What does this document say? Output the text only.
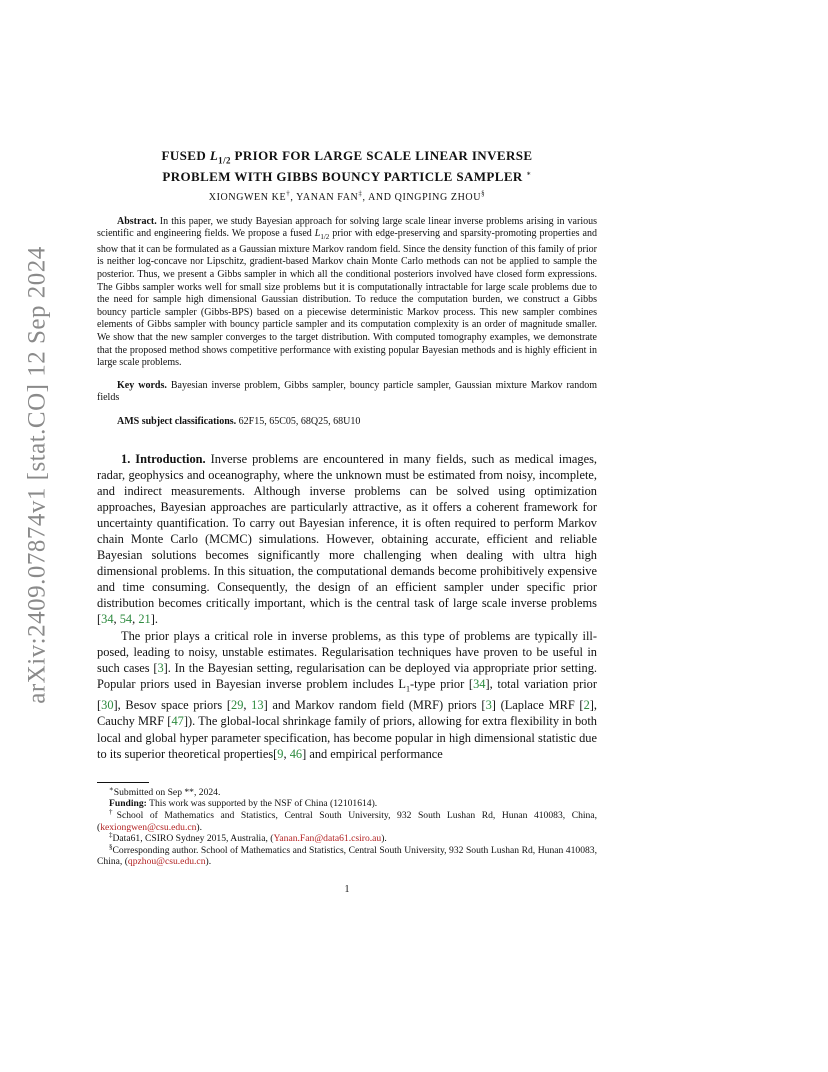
arXiv:2409.07874v1 [stat.CO] 12 Sep 2024
FUSED $L_{1/2}$ PRIOR FOR LARGE SCALE LINEAR INVERSE
PROBLEM WITH GIBBS BOUNCY PARTICLE SAMPLER ∗
XIONGWEN KE†, YANAN FAN‡, AND QINGPING ZHOU§
Abstract. In this paper, we study Bayesian approach for solving large scale linear inverse problems arising in various scientific and engineering fields. We propose a fused $L_{1/2}$ prior with edge-preserving and sparsity-promoting properties and show that it can be formulated as a Gaussian mixture Markov random field. Since the density function of this family of prior is neither log-concave nor Lipschitz, gradient-based Markov chain Monte Carlo methods can not be applied to sample the posterior. Thus, we present a Gibbs sampler in which all the conditional posteriors involved have closed form expressions. The Gibbs sampler works well for small size problems but it is computationally intractable for large scale problems due to the need for sample high dimensional Gaussian distribution. To reduce the computation burden, we construct a Gibbs bouncy particle sampler (Gibbs-BPS) based on a piecewise deterministic Markov process. This new sampler combines elements of Gibbs sampler with bouncy particle sampler and its computation complexity is an order of magnitude smaller. We show that the new sampler converges to the target distribution. With computed tomography examples, we demonstrate that the proposed method shows competitive performance with existing popular Bayesian methods and is highly efficient in large scale problems.
Key words. Bayesian inverse problem, Gibbs sampler, bouncy particle sampler, Gaussian mixture Markov random fields
AMS subject classifications. 62F15, 65C05, 68Q25, 68U10

1. Introduction. Inverse problems are encountered in many fields, such as medical images, radar, geophysics and oceanography, where the unknown must be estimated from noisy, incomplete, and indirect measurements. Although inverse problems can be solved using optimization approaches, Bayesian approaches are particularly attractive, as it offers a coherent framework for uncertainty quantification. To carry out Bayesian inference, it is often required to perform Markov chain Monte Carlo (MCMC) simulations. However, obtaining accurate, efficient and reliable Bayesian solutions becomes significantly more challenging when dealing with ultra high dimensional problems. In this situation, the computational demands become prohibitively expensive and time consuming. Consequently, the design of an efficient sampler under specific prior distribution becomes critically important, which is the central task of large scale inverse problems [34, 54, 21].

The prior plays a critical role in inverse problems, as this type of problems are typically ill-posed, leading to noisy, unstable estimates. Regularisation techniques have proven to be useful in such cases [3]. In the Bayesian setting, regularisation can be deployed via appropriate prior setting. Popular priors used in Bayesian inverse problem includes $L_1$-type prior [34], total variation prior [30], Besov space priors [29, 13] and Markov random field (MRF) priors [3] (Laplace MRF [2], Cauchy MRF [47]). The global-local shrinkage family of priors, allowing for extra flexibility in both local and global hyper parameter specification, has become popular in high dimensional statistic due to its superior theoretical properties[9, 46] and empirical performance

∗Submitted on Sep **, 2024.
Funding: This work was supported by the NSF of China (12101614).
†School of Mathematics and Statistics, Central South University, 932 South Lushan Rd, Hunan 410083, China, (kexiongwen@csu.edu.cn).
‡Data61, CSIRO Sydney 2015, Australia, (Yanan.Fan@data61.csiro.au).
§Corresponding author. School of Mathematics and Statistics, Central South University, 932 South Lushan Rd, Hunan 410083, China, (qpzhou@csu.edu.cn).
1
